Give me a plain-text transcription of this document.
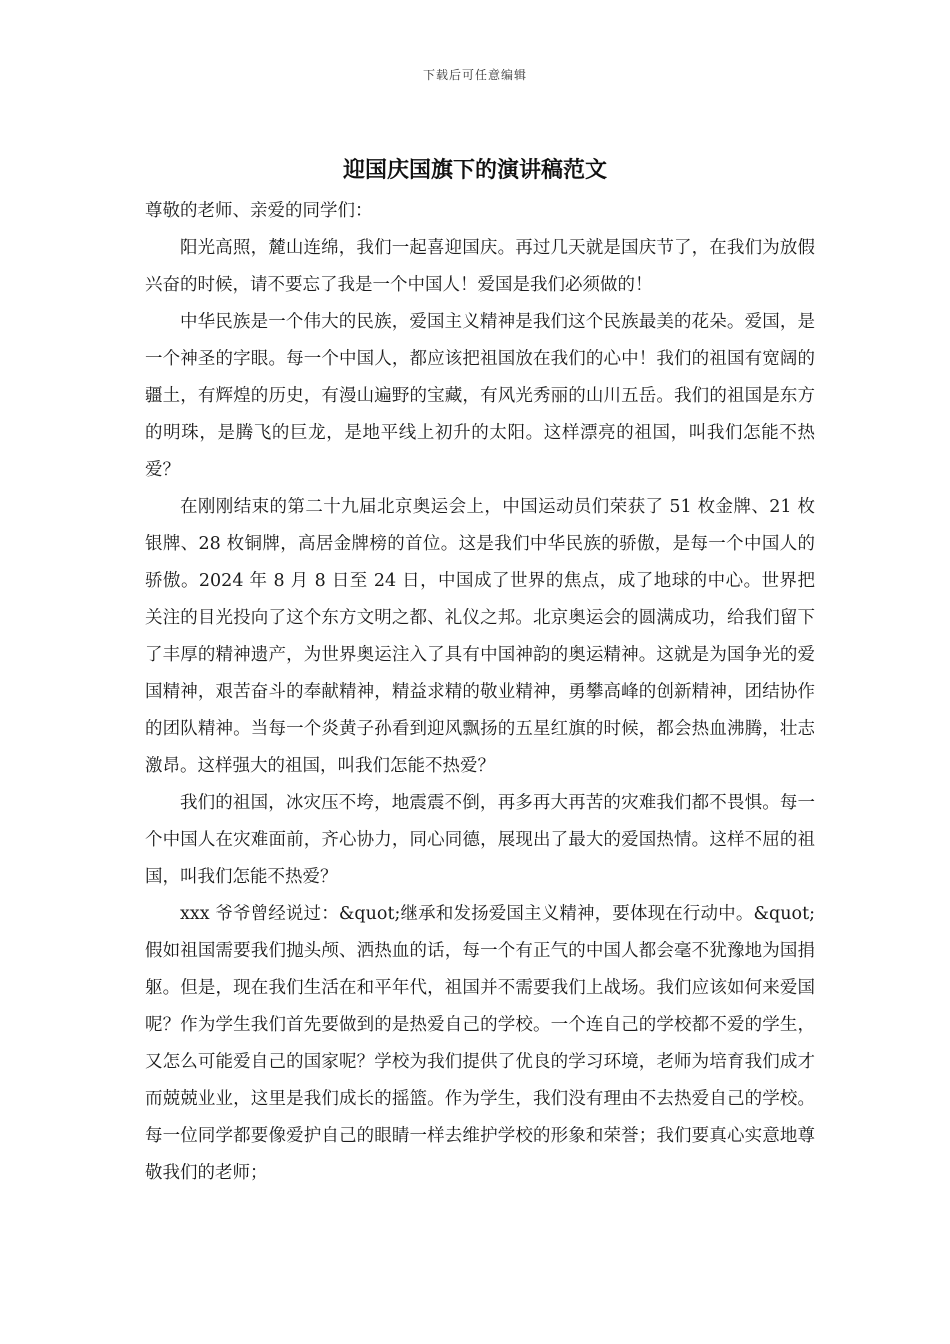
下载后可任意编辑
迎国庆国旗下的演讲稿范文

尊敬的老师、亲爱的同学们：

阳光高照，麓山连绵，我们一起喜迎国庆。再过几天就是国庆节了，在我们为放假兴奋的时候，请不要忘了我是一个中国人！爱国是我们必须做的！

中华民族是一个伟大的民族，爱国主义精神是我们这个民族最美的花朵。爱国，是一个神圣的字眼。每一个中国人，都应该把祖国放在我们的心中！我们的祖国有宽阔的疆土，有辉煌的历史，有漫山遍野的宝藏，有风光秀丽的山川五岳。我们的祖国是东方的明珠，是腾飞的巨龙，是地平线上初升的太阳。这样漂亮的祖国，叫我们怎能不热爱？

在刚刚结束的第二十九届北京奥运会上，中国运动员们荣获了 51 枚金牌、21 枚银牌、28 枚铜牌，高居金牌榜的首位。这是我们中华民族的骄傲，是每一个中国人的骄傲。2024 年 8 月 8 日至 24 日，中国成了世界的焦点，成了地球的中心。世界把关注的目光投向了这个东方文明之都、礼仪之邦。北京奥运会的圆满成功，给我们留下了丰厚的精神遗产，为世界奥运注入了具有中国神韵的奥运精神。这就是为国争光的爱国精神，艰苦奋斗的奉献精神，精益求精的敬业精神，勇攀高峰的创新精神，团结协作的团队精神。当每一个炎黄子孙看到迎风飘扬的五星红旗的时候，都会热血沸腾，壮志激昂。这样强大的祖国，叫我们怎能不热爱？

我们的祖国，冰灾压不垮，地震震不倒，再多再大再苦的灾难我们都不畏惧。每一个中国人在灾难面前，齐心协力，同心同德，展现出了最大的爱国热情。这样不屈的祖国，叫我们怎能不热爱？

xxx 爷爷曾经说过：&quot;继承和发扬爱国主义精神，要体现在行动中。&quot;假如祖国需要我们抛头颅、洒热血的话，每一个有正气的中国人都会毫不犹豫地为国捐躯。但是，现在我们生活在和平年代，祖国并不需要我们上战场。我们应该如何来爱国呢？作为学生我们首先要做到的是热爱自己的学校。一个连自己的学校都不爱的学生，又怎么可能爱自己的国家呢？学校为我们提供了优良的学习环境，老师为培育我们成才而兢兢业业，这里是我们成长的摇篮。作为学生，我们没有理由不去热爱自己的学校。每一位同学都要像爱护自己的眼睛一样去维护学校的形象和荣誉；我们要真心实意地尊敬我们的老师；
